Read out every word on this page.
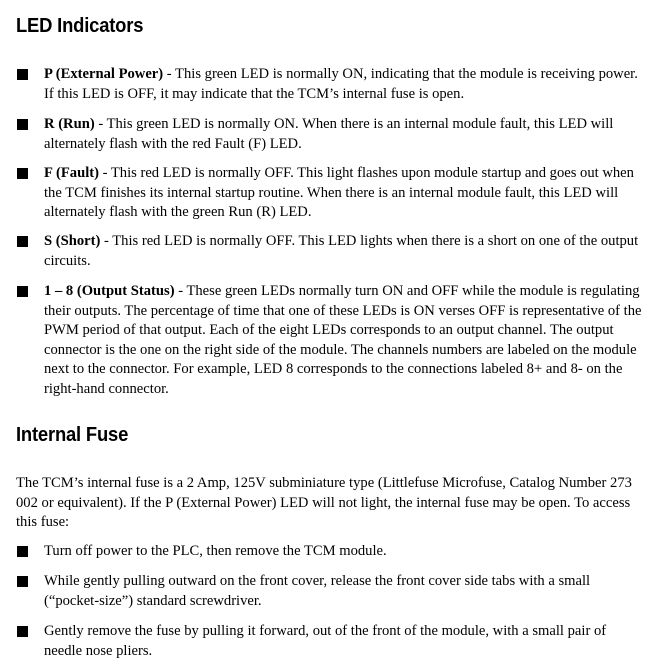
LED Indicators
P (External Power) - This green LED is normally ON, indicating that the module is receiving power. If this LED is OFF, it may indicate that the TCM’s internal fuse is open.
R (Run) - This green LED is normally ON. When there is an internal module fault, this LED will alternately flash with the red Fault (F) LED.
F (Fault) - This red LED is normally OFF. This light flashes upon module startup and goes out when the TCM finishes its internal startup routine. When there is an internal module fault, this LED will alternately flash with the green Run (R) LED.
S (Short) - This red LED is normally OFF. This LED lights when there is a short on one of the output circuits.
1 – 8 (Output Status) - These green LEDs normally turn ON and OFF while the module is regulating their outputs. The percentage of time that one of these LEDs is ON verses OFF is representative of the PWM period of that output. Each of the eight LEDs corresponds to an output channel. The output connector is the one on the right side of the module. The channels numbers are labeled on the module next to the connector. For example, LED 8 corresponds to the connections labeled 8+ and 8- on the right-hand connector.
Internal Fuse
The TCM’s internal fuse is a 2 Amp, 125V subminiature type (Littlefuse Microfuse, Catalog Number 273 002 or equivalent). If the P (External Power) LED will not light, the internal fuse may be open. To access this fuse:
Turn off power to the PLC, then remove the TCM module.
While gently pulling outward on the front cover, release the front cover side tabs with a small (“pocket-size”) standard screwdriver.
Gently remove the fuse by pulling it forward, out of the front of the module, with a small pair of needle nose pliers.
